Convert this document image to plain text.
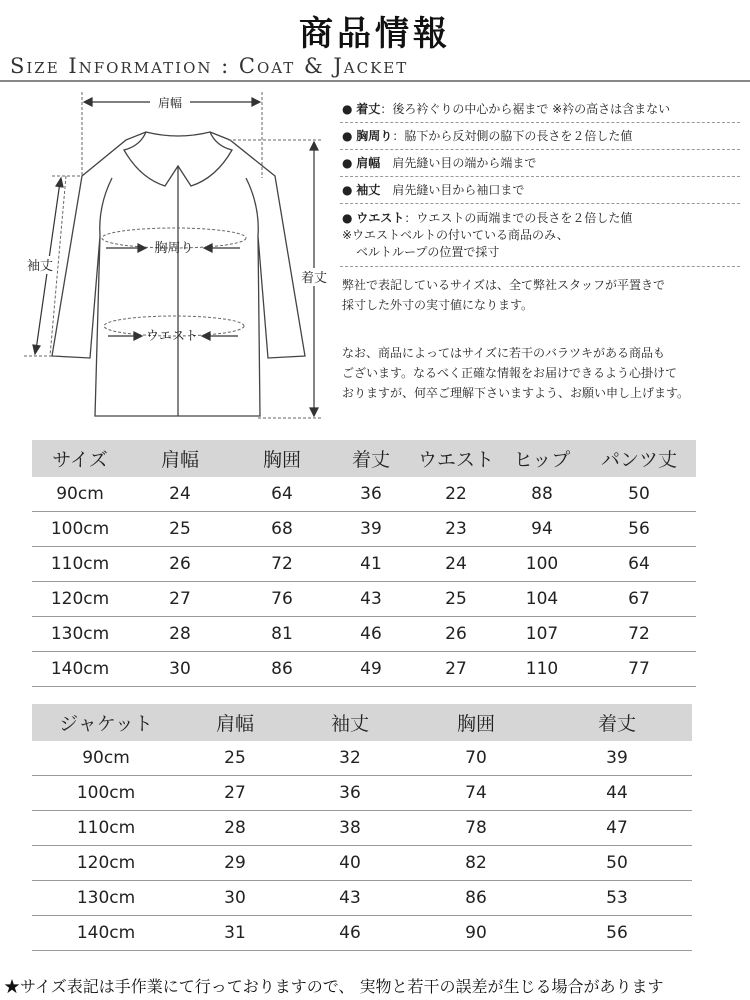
商品情報
Size Information : Coat & Jacket
肩幅
胸周り
ウエスト
袖丈
着丈
● 着丈：後ろ衿ぐりの中心から裾まで ※衿の高さは含まない
● 胸周り：脇下から反対側の脇下の長さを２倍した値
● 肩幅　肩先縫い目の端から端まで
● 袖丈　肩先縫い目から袖口まで
● ウエスト：ウエストの両端までの長さを２倍した値
※ウエストベルトの付いている商品のみ、
ベルトループの位置で採寸
弊社で表記しているサイズは、全て弊社スタッフが平置きで
採寸した外寸の実寸値になります。
なお、商品によってはサイズに若干のバラツキがある商品も
ございます。なるべく正確な情報をお届けできるよう心掛けて
おりますが、何卒ご理解下さいますよう、お願い申し上げます。
サイズ	肩幅	胸囲	着丈	ウエスト	ヒップ	パンツ丈
90cm	24	64	36	22	88	50
100cm	25	68	39	23	94	56
110cm	26	72	41	24	100	64
120cm	27	76	43	25	104	67
130cm	28	81	46	26	107	72
140cm	30	86	49	27	110	77
ジャケット	肩幅	袖丈	胸囲	着丈
90cm	25	32	70	39
100cm	27	36	74	44
110cm	28	38	78	47
120cm	29	40	82	50
130cm	30	43	86	53
140cm	31	46	90	56
★サイズ表記は手作業にて行っておりますので、 実物と若干の誤差が生じる場合があります
